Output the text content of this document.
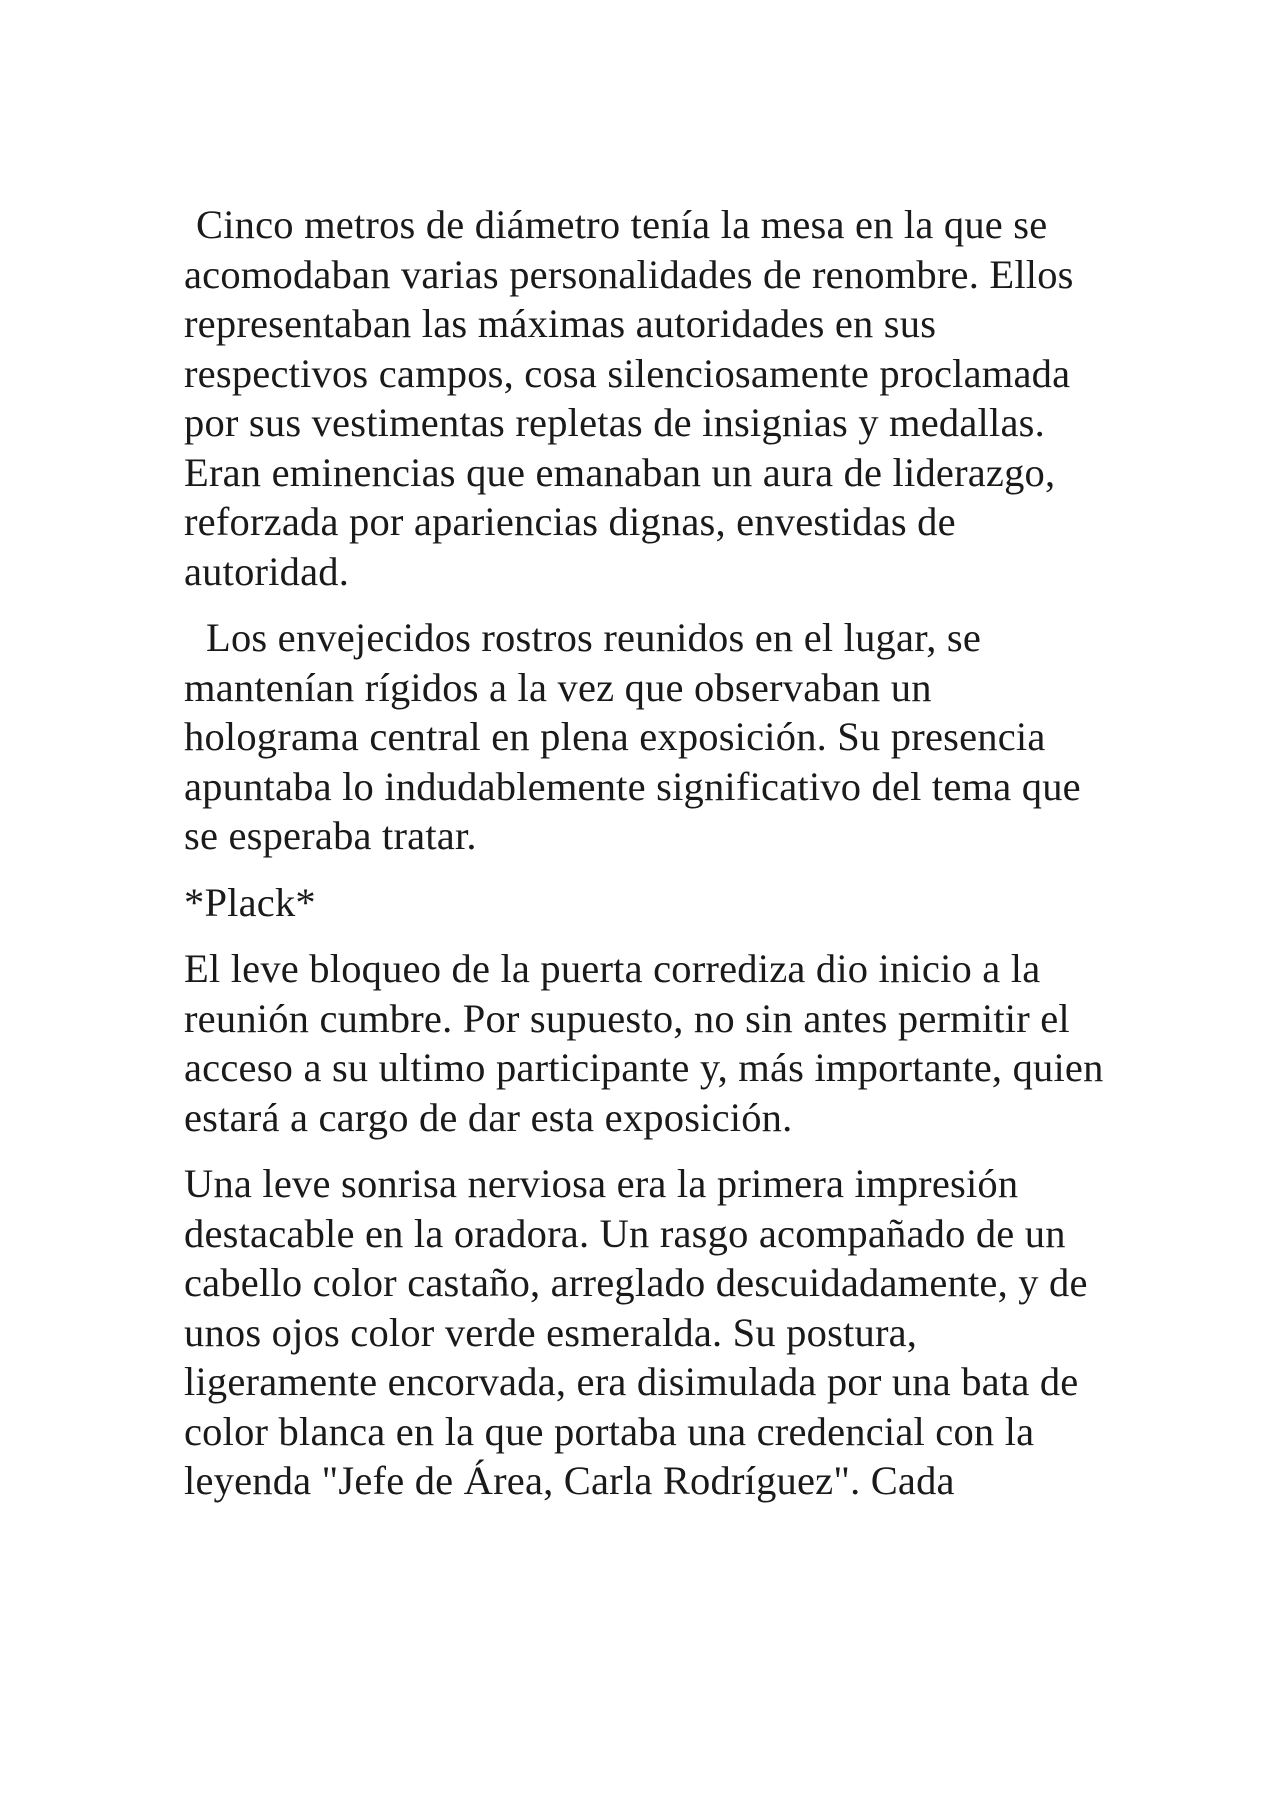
Cinco metros de diámetro tenía la mesa en la que se acomodaban varias personalidades de renombre. Ellos representaban las máximas autoridades en sus respectivos campos, cosa silenciosamente proclamada por sus vestimentas repletas de insignias y medallas. Eran eminencias que emanaban un aura de liderazgo, reforzada por apariencias dignas, envestidas de autoridad.

Los envejecidos rostros reunidos en el lugar, se mantenían rígidos a la vez que observaban un holograma central en plena exposición. Su presencia apuntaba lo indudablemente significativo del tema que se esperaba tratar.

*Plack*

El leve bloqueo de la puerta corrediza dio inicio a la reunión cumbre. Por supuesto, no sin antes permitir el acceso a su ultimo participante y, más importante, quien estará a cargo de dar esta exposición.

Una leve sonrisa nerviosa era la primera impresión destacable en la oradora. Un rasgo acompañado de un cabello color castaño, arreglado descuidadamente, y de unos ojos color verde esmeralda. Su postura, ligeramente encorvada, era disimulada por una bata de color blanca en la que portaba una credencial con la leyenda "Jefe de Área, Carla Rodríguez". Cada
